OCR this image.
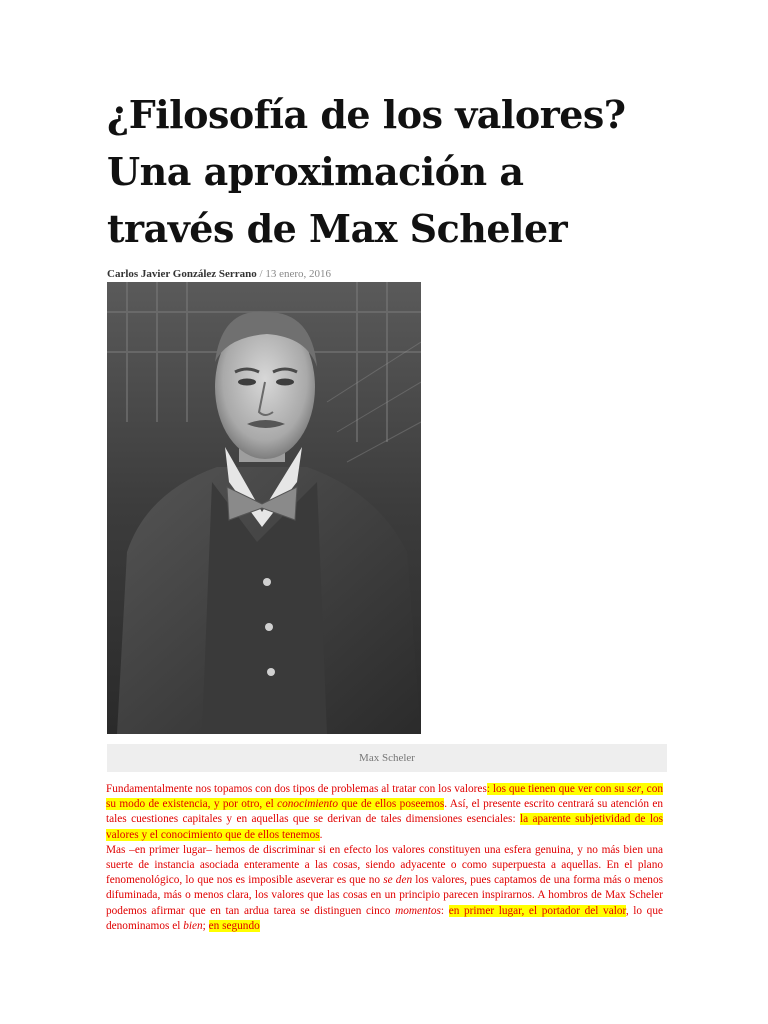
¿Filosofía de los valores?
Una aproximación a
través de Max Scheler
Carlos Javier González Serrano / 13 enero, 2016
Max Scheler

Fundamentalmente nos topamos con dos tipos de problemas al tratar con los valores: los que tienen que ver con su ser, con su modo de existencia, y por otro, el conocimiento que de ellos poseemos. Así, el presente escrito centrará su atención en tales cuestiones capitales y en aquellas que se derivan de tales dimensiones esenciales: la aparente subjetividad de los valores y el conocimiento que de ellos tenemos.

Mas –en primer lugar– hemos de discriminar si en efecto los valores constituyen una esfera genuina, y no más bien una suerte de instancia asociada enteramente a las cosas, siendo adyacente o como superpuesta a aquellas. En el plano fenomenológico, lo que nos es imposible aseverar es que no se den los valores, pues captamos de una forma más o menos difuminada, más o menos clara, los valores que las cosas en un principio parecen inspirarnos. A hombros de Max Scheler podemos afirmar que en tan ardua tarea se distinguen cinco momentos: en primer lugar, el portador del valor, lo que denominamos el bien; en segundo
